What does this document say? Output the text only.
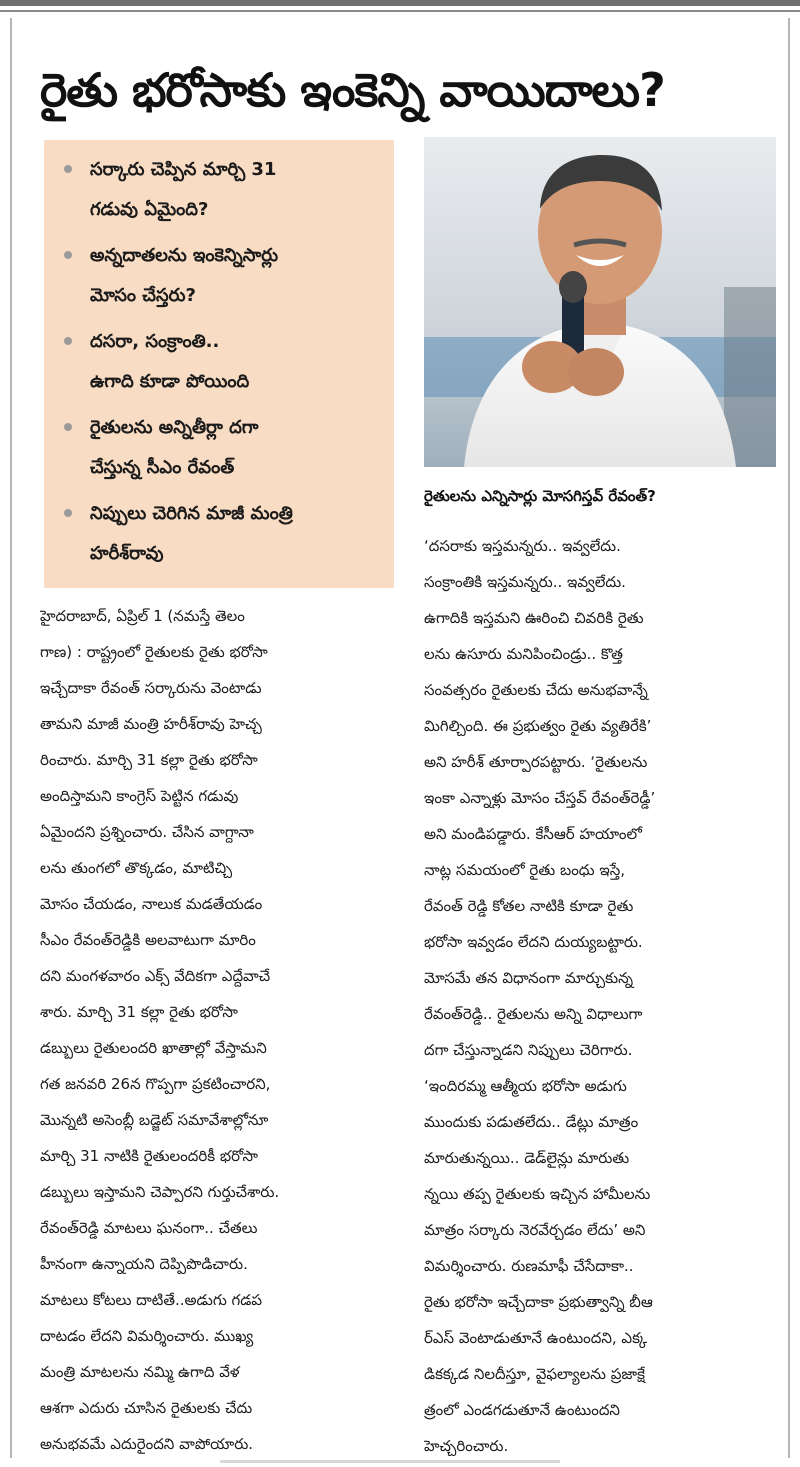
రైతు భరోసాకు ఇంకెన్ని వాయిదాలు?
సర్కారు చెప్పిన మార్చి 31
గడువు ఏమైంది?
అన్నదాతలను ఇంకెన్నిసార్లు
మోసం చేస్తరు?
దసరా, సంక్రాంతి..
ఉగాది కూడా పోయింది
రైతులను అన్నితీర్లా దగా
చేస్తున్న సీఎం రేవంత్
నిప్పులు చెరిగిన మాజీ మంత్రి
హరీశ్‌రావు
రైతులను ఎన్నిసార్లు మోసగిస్తవ్ రేవంత్?
హైదరాబాద్, ఏప్రిల్ 1 (నమస్తే తెలం
గాణ) : రాష్ట్రంలో రైతులకు రైతు భరోసా
ఇచ్చేదాకా రేవంత్ సర్కారును వెంటాడు
తామని మాజీ మంత్రి హరీశ్‌రావు హెచ్చ
రించారు. మార్చి 31 కల్లా రైతు భరోసా
అందిస్తామని కాంగ్రెస్ పెట్టిన గడువు
ఏమైందని ప్రశ్నించారు. చేసిన వాగ్దానా
లను తుంగలో తొక్కడం, మాటిచ్చి
మోసం చేయడం, నాలుక మడతేయడం
సీఎం రేవంత్‌రెడ్డికి అలవాటుగా మారిం
దని మంగళవారం ఎక్స్ వేదికగా ఎద్దేవాచే
శారు. మార్చి 31 కల్లా రైతు భరోసా
డబ్బులు రైతులందరి ఖాతాల్లో వేస్తామని
గత జనవరి 26న గొప్పగా ప్రకటించారని,
మొన్నటి అసెంబ్లీ బడ్జెట్ సమావేశాల్లోనూ
మార్చి 31 నాటికి రైతులందరికీ భరోసా
డబ్బులు ఇస్తామని చెప్పారని గుర్తుచేశారు.
రేవంత్‌రెడ్డి మాటలు ఘనంగా.. చేతలు
హీనంగా ఉన్నాయని దెప్పిపొడిచారు.
మాటలు కోటలు దాటితే..అడుగు గడప
దాటడం లేదని విమర్శించారు. ముఖ్య
మంత్రి మాటలను నమ్మి ఉగాది వేళ
ఆశగా ఎదురు చూసిన రైతులకు చేదు
అనుభవమే ఎదురైందని వాపోయారు.
‘దసరాకు ఇస్తమన్నరు.. ఇవ్వలేదు.
సంక్రాంతికి ఇస్తమన్నరు.. ఇవ్వలేదు.
ఉగాదికి ఇస్తమని ఊరించి చివరికి రైతు
లను ఉసూరు మనిపించిండ్రు.. కొత్త
సంవత్సరం రైతులకు చేదు అనుభవాన్నే
మిగిల్చింది. ఈ ప్రభుత్వం రైతు వ్యతిరేకి’
అని హరీశ్ తూర్పారపట్టారు. ‘రైతులను
ఇంకా ఎన్నాళ్లు మోసం చేస్తవ్ రేవంత్‌రెడ్డీ’
అని మండిపడ్డారు. కేసీఆర్ హయాంలో
నాట్ల సమయంలో రైతు బంధు ఇస్తే,
రేవంత్ రెడ్డి కోతల నాటికి కూడా రైతు
భరోసా ఇవ్వడం లేదని దుయ్యబట్టారు.
మోసమే తన విధానంగా మార్చుకున్న
రేవంత్‌రెడ్డి.. రైతులను అన్ని విధాలుగా
దగా చేస్తున్నాడని నిప్పులు చెరిగారు.
‘ఇందిరమ్మ ఆత్మీయ భరోసా అడుగు
ముందుకు పడుతలేదు.. డేట్లు మాత్రం
మారుతున్నయి.. డెడ్‌లైన్లు మారుతు
న్నయి తప్ప రైతులకు ఇచ్చిన హామీలను
మాత్రం సర్కారు నెరవేర్చడం లేదు’ అని
విమర్శించారు. రుణమాఫీ చేసేదాకా..
రైతు భరోసా ఇచ్చేదాకా ప్రభుత్వాన్ని బీఆ
ర్‌ఎస్ వెంటాడుతూనే ఉంటుందని, ఎక్క
డికక్కడ నిలదీస్తూ, వైఫల్యాలను ప్రజాక్షే
త్రంలో ఎండగడుతూనే ఉంటుందని
హెచ్చరించారు.
